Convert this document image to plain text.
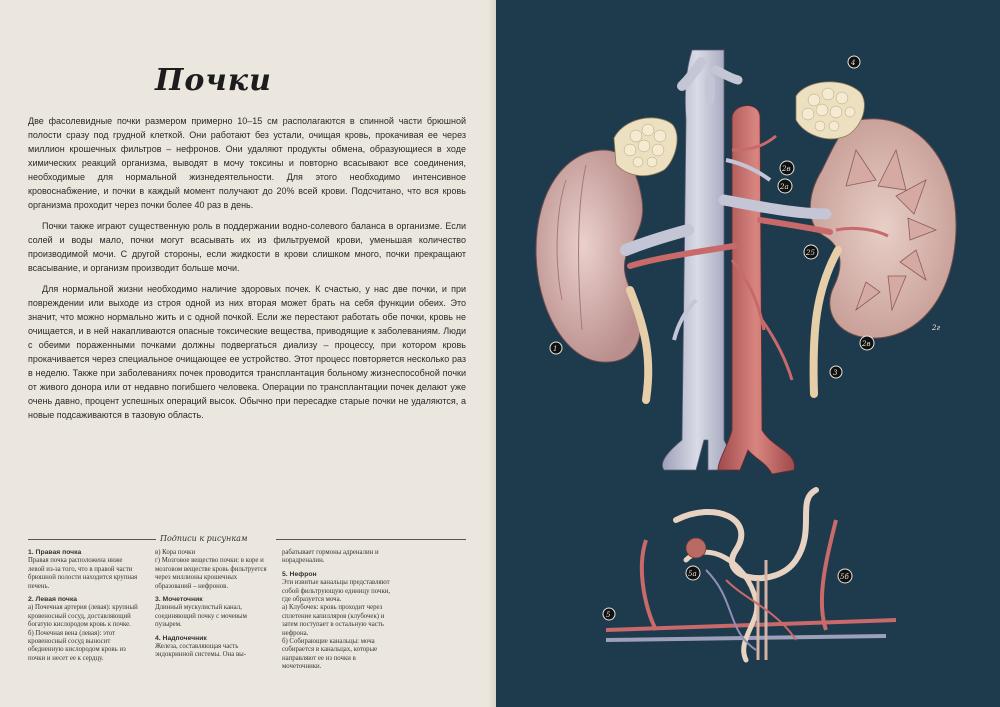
Почки

Две фасолевидные почки размером примерно 10–15 см располагаются в спинной части брюшной полости сразу под грудной клеткой. Они работают без устали, очищая кровь, прокачивая ее через миллион крошечных фильтров – нефронов. Они удаляют продукты обмена, образующиеся в ходе химических реакций организма, выводят в мочу токсины и повторно всасывают все соединения, необходимые для нормальной жизнедеятельности. Для этого необходимо интенсивное кровоснабжение, и почки в каждый момент получают до 20% всей крови. Подсчитано, что вся кровь организма проходит через почки более 40 раз в день.

Почки также играют существенную роль в поддержании водно-солевого баланса в организме. Если солей и воды мало, почки могут всасывать их из фильтруемой крови, уменьшая количество производимой мочи. С другой стороны, если жидкости в крови слишком много, почки прекращают всасывание, и организм производит больше мочи.

Для нормальной жизни необходимо наличие здоровых почек. К счастью, у нас две почки, и при повреждении или выходе из строя одной из них вторая может брать на себя функции обеих. Это значит, что можно нормально жить и с одной почкой. Если же перестают работать обе почки, кровь не очищается, и в ней накапливаются опасные токсические вещества, приводящие к заболеваниям. Люди с обеими пораженными почками должны подвергаться диализу – процессу, при котором кровь прокачивается через специальное очищающее ее устройство. Этот процесс повторяется несколько раз в неделю. Также при заболеваниях почек проводится трансплантация больному жизнеспособной почки от живого донора или от недавно погибшего человека. Операции по трансплантации почек делают уже очень давно, процент успешных операций высок. Обычно при пересадке старые почки не удаляются, а новые подсаживаются в тазовую область.

Подписи к рисункам
1. Правая почка
Правая почка расположена ниже левой из-за того, что в правой части брюшной полости находится крупная печень.
2. Левая почка
а) Почечная артерия (левая): крупный кровеносный сосуд, доставляющий богатую кислородом кровь к почке.
б) Почечная вена (левая): этот кровеносный сосуд выносит обедненную кислородом кровь из почки и несет ее к сердцу.
в) Кора почки
г) Мозговое вещество почки: в коре и мозговом веществе кровь фильтруется через миллионы крошечных образований – нефронов.
3. Мочеточник
Длинный мускулистый канал, соединяющий почку с мочевым пузырем.
4. Надпочечник
Железа, составляющая часть эндокринной системы. Она вы-
рабатывает гормоны адреналин и норадреналин.
5. Нефрон
Эти извитые канальцы представляют собой фильтрующую единицу почки, где образуется моча.
а) Клубочек: кровь проходит через сплетение капилляров (клубочек) и затем поступает в остальную часть нефрона.
б) Собирающие канальцы: моча собирается в канальцах, которые направляют ее из почки в мочеточники.
1
2в
2а
25
2г
2в
3
4
5
5а	5б
